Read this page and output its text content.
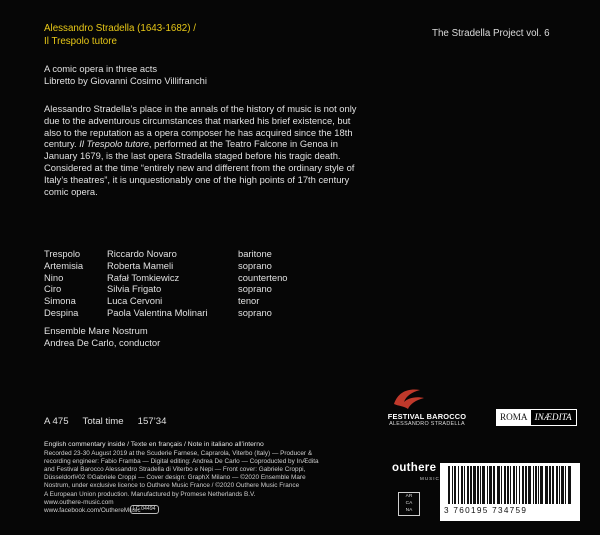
Alessandro Stradella (1643-1682) /
Il Trespolo tutore
The Stradella Project vol. 6
A comic opera in three acts
Libretto by Giovanni Cosimo Villifranchi
Alessandro Stradella’s place in the annals of the history of music is not only due to the adventurous circumstances that marked his brief existence, but also to the reputation as a opera composer he has acquired since the 18th century. Il Trespolo tutore, performed at the Teatro Falcone in Genoa in January 1679, is the last opera Stradella staged before his tragic death. Considered at the time “entirely new and different from the ordinary style of Italy’s theatres”, it is unquestionably one of the high points of 17th century comic opera.
Trespolo	Riccardo Novaro	baritone
Artemisia	Roberta Mameli	soprano
Nino	Rafał Tomkiewicz	counterteno
Ciro	Silvia Frigato	soprano
Simona	Luca Cervoni	tenor
Despina	Paola Valentina Molinari	soprano
Ensemble Mare Nostrum
Andrea De Carlo, conductor
A 475 Total time 157’34
English commentary inside / Texte en français / Note in italiano all’interno
Recorded 23-30 August 2019 at the Scuderie Farnese, Caprarola, Viterbo (Italy) — Producer &
recording engineer: Fabio Framba — Digital editing: Andrea De Carlo — Coproducted by InÆdita
and Festival Barocco Alessandro Stradella di Viterbo e Nepi — Front cover: Gabriele Croppi,
Düsseldorf#02 ©Gabriele Croppi — Cover design: GraphX Milano — ©2020 Ensemble Mare
Nostrum, under exclusive licence to Outhere Music France / ©2020 Outhere Music France
A European Union production. Manufactured by Promese Netherlands B.V.
www.outhere-music.com
www.facebook.com/OuthereMusic
LC 04494
FESTIVAL BAROCCO
ALESSANDRO STRADELLA
ROMA INÆDITA
outhere
MUSIC
AR
CA
NA	3 760195 734759
